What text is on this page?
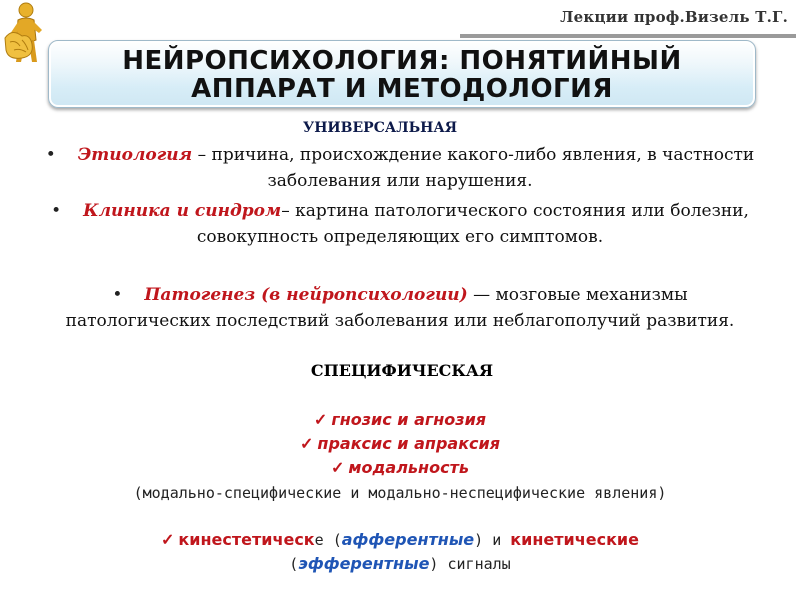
Лекции проф.Визель Т.Г.
НЕЙРОПСИХОЛОГИЯ: ПОНЯТИЙНЫЙ
АППАРАТ И МЕТОДОЛОГИЯ
УНИВЕРСАЛЬНАЯ
• Этиология – причина, происхождение какого-либо явления, в частности заболевания или нарушения.
• Клиника и синдром– картина патологического состояния или болезни, совокупность определяющих его симптомов.
• Патогенез (в нейропсихологии) — мозговые механизмы патологических последствий заболевания или неблагополучий развития.
СПЕЦИФИЧЕСКАЯ
✓ гнозис и агнозия
✓ праксис и апраксия
✓ модальность
(модально-специфические и модально-неспецифические явления)
✓ кинестетическе (афферентные) и кинетические
(эфферентные) сигналы
